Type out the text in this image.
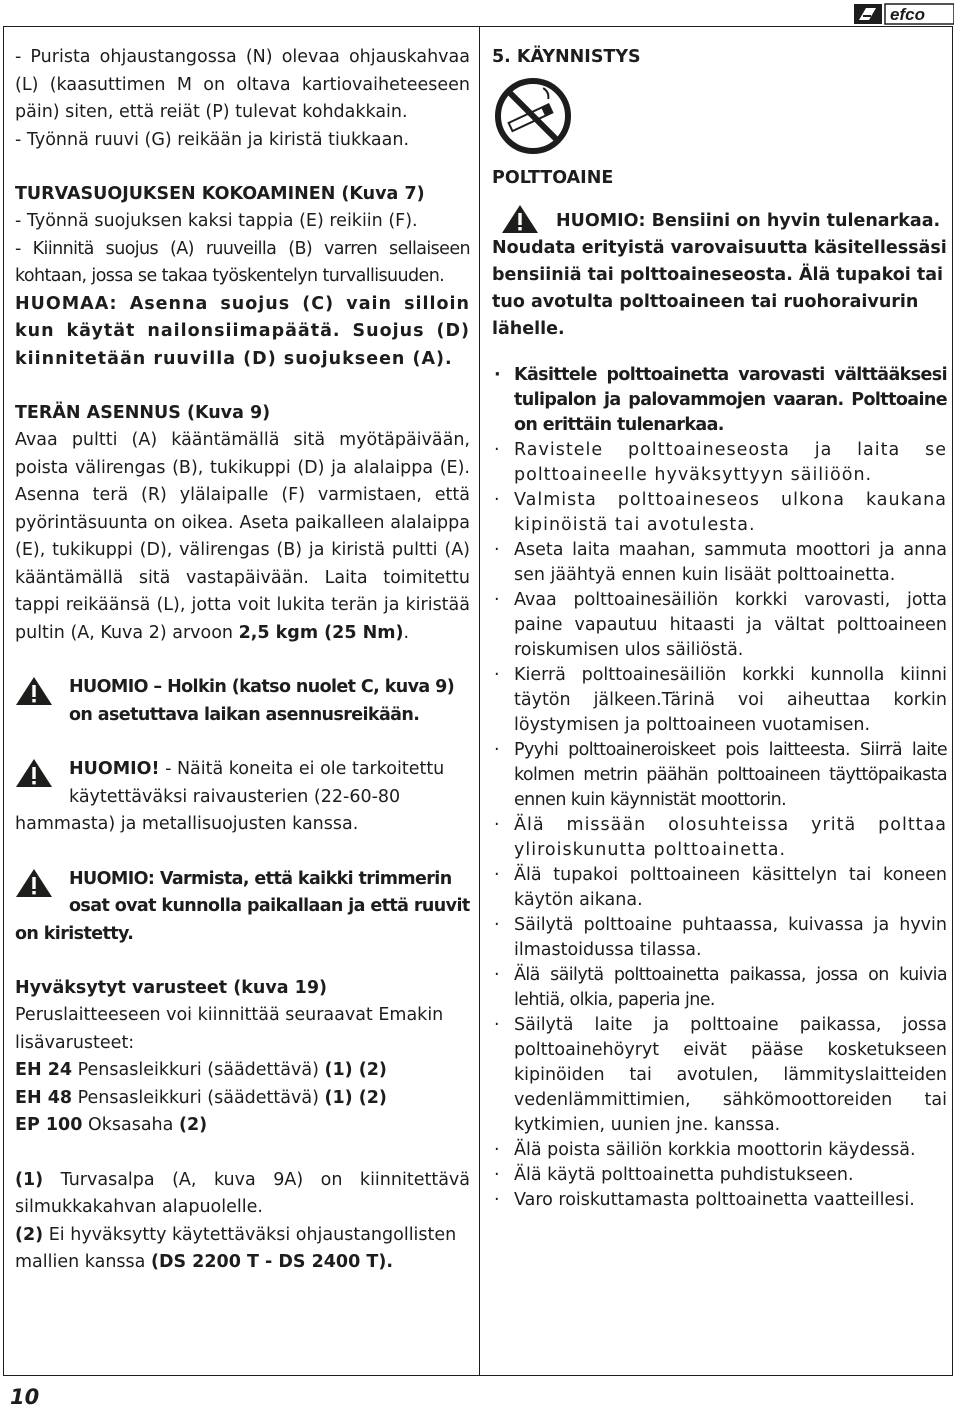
efco

- Purista ohjaustangossa (N) olevaa ohjauskahvaa (L) (kaasuttimen M on oltava kartiovaiheteeseen päin) siten, että reiät (P) tulevat kohdakkain.

- Työnnä ruuvi (G) reikään ja kiristä tiukkaan.

TURVASUOJUKSEN KOKOAMINEN (Kuva 7)

- Työnnä suojuksen kaksi tappia (E) reikiin (F).

- Kiinnitä suojus (A) ruuveilla (B) varren sellaiseen kohtaan, jossa se takaa työskentelyn turvallisuuden.

HUOMAA: Asenna suojus (C) vain silloin kun käytät nailonsiimapäätä. Suojus (D) kiinnitetään ruuvilla (D) suojukseen (A).

TERÄN ASENNUS (Kuva 9)

Avaa pultti (A) kääntämällä sitä myötäpäivään, poista välirengas (B), tukikuppi (D) ja alalaippa (E). Asenna terä (R) ylälaipalle (F) varmistaen, että pyörintäsuunta on oikea. Aseta paikalleen alalaippa (E), tukikuppi (D), välirengas (B) ja kiristä pultti (A) kääntämällä sitä vastapäivään. Laita toimitettu tappi reikäänsä (L), jotta voit lukita terän ja kiristää pultin (A, Kuva 2) arvoon 2,5 kgm (25 Nm).

HUOMIO – Holkin (katso nuolet C, kuva 9) on asetuttava laikan asennusreikään.

HUOMIO! - Näitä koneita ei ole tarkoitettu käytettäväksi raivausterien (22-60-80 hammasta) ja metallisuojusten kanssa.

HUOMIO: Varmista, että kaikki trimmerin osat ovat kunnolla paikallaan ja että ruuvit on kiristetty.

Hyväksytyt varusteet (kuva 19)

Peruslaitteeseen voi kiinnittää seuraavat Emakin lisävarusteet:

EH 24 Pensasleikkuri (säädettävä) (1) (2)

EH 48 Pensasleikkuri (säädettävä) (1) (2)

EP 100 Oksasaha (2)

(1) Turvasalpa (A, kuva 9A) on kiinnitettävä silmukkakahvan alapuolelle.

(2) Ei hyväksytty käytettäväksi ohjaustangollisten mallien kanssa (DS 2200 T - DS 2400 T).

5. KÄYNNISTYS

POLTTOAINE

HUOMIO: Bensiini on hyvin tulenarkaa. Noudata erityistä varovaisuutta käsitellessäsi bensiiniä tai polttoaineseosta. Älä tupakoi tai tuo avotulta polttoaineen tai ruohoraivurin lähelle.

· Käsittele polttoainetta varovasti välttääksesi tulipalon ja palovammojen vaaran. Polttoaine on erittäin tulenarkaa.
· Ravistele polttoaineseosta ja laita se polttoaineelle hyväksyttyyn säiliöön.
· Valmista polttoaineseos ulkona kaukana kipinöistä tai avotulesta.
· Aseta laita maahan, sammuta moottori ja anna sen jäähtyä ennen kuin lisäät polttoainetta.
· Avaa polttoainesäiliön korkki varovasti, jotta paine vapautuu hitaasti ja vältat polttoaineen roiskumisen ulos säiliöstä.
· Kierrä polttoainesäiliön korkki kunnolla kiinni täytön jälkeen.Tärinä voi aiheuttaa korkin löystymisen ja polttoaineen vuotamisen.
· Pyyhi polttoaineroiskeet pois laitteesta. Siirrä laite kolmen metrin päähän polttoaineen täyttöpaikasta ennen kuin käynnistät moottorin.
· Älä missään olosuhteissa yritä polttaa yliroiskunutta polttoainetta.
· Älä tupakoi polttoaineen käsittelyn tai koneen käytön aikana.
· Säilytä polttoaine puhtaassa, kuivassa ja hyvin ilmastoidussa tilassa.
· Älä säilytä polttoainetta paikassa, jossa on kuivia lehtiä, olkia, paperia jne.
· Säilytä laite ja polttoaine paikassa, jossa polttoainehöyryt eivät pääse kosketukseen kipinöiden tai avotulen, lämmityslaitteiden vedenlämmittimien, sähkömoottoreiden tai kytkimien, uunien jne. kanssa.
· Älä poista säiliön korkkia moottorin käydessä.
· Älä käytä polttoainetta puhdistukseen.
· Varo roiskuttamasta polttoainetta vaatteillesi.
10
